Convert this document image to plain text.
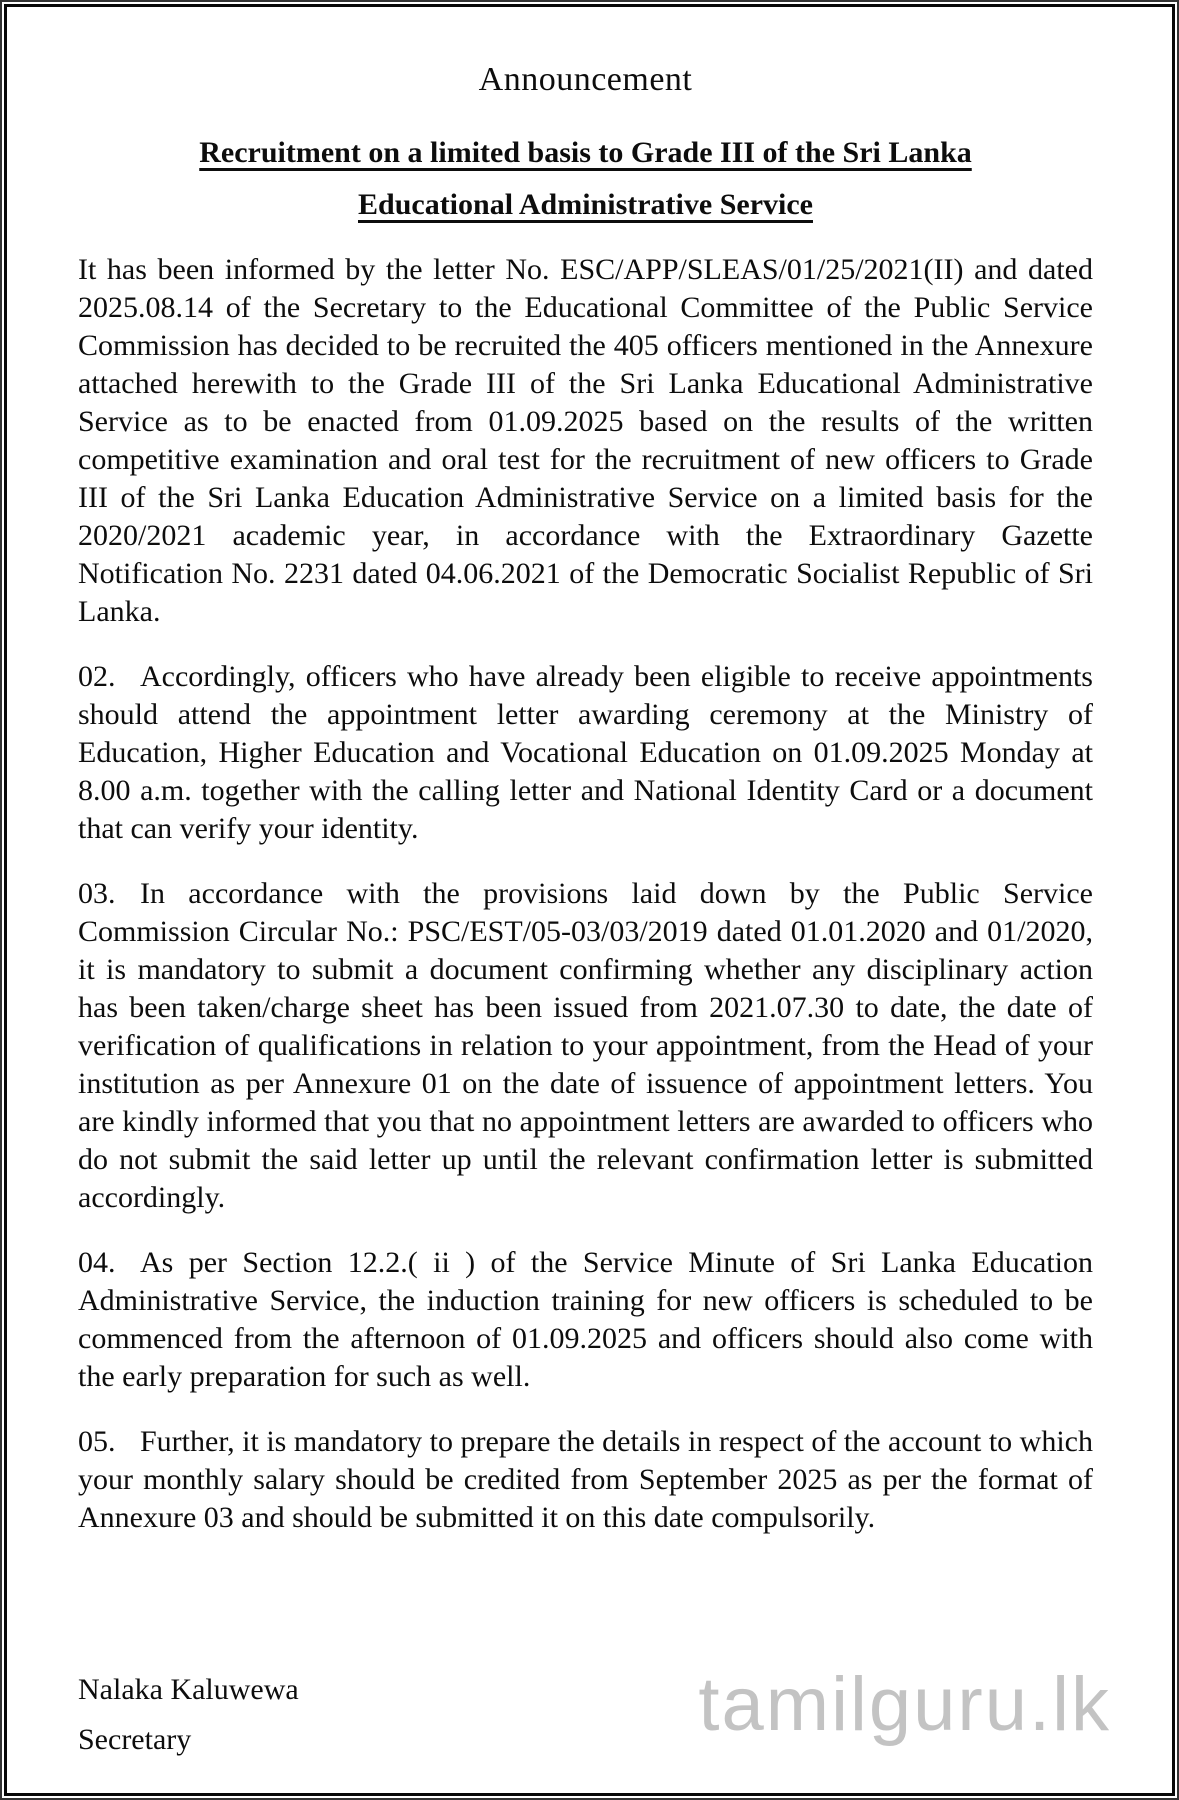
Announcement
Recruitment on a limited basis to Grade III of the Sri Lanka
Educational Administrative Service

It has been informed by the letter No. ESC/APP/SLEAS/01/25/2021(II) and dated 2025.08.14 of the Secretary to the Educational Committee of the Public Service Commission has decided to be recruited the 405 officers mentioned in the Annexure attached herewith to the Grade III of the Sri Lanka Educational Administrative Service as to be enacted from 01.09.2025 based on the results of the written competitive examination and oral test for the recruitment of new officers to Grade III of the Sri Lanka Education Administrative Service on a limited basis for the 2020/2021 academic year, in accordance with the Extraordinary Gazette Notification No. 2231 dated 04.06.2021 of the Democratic Socialist Republic of Sri Lanka.

02. Accordingly, officers who have already been eligible to receive appointments should attend the appointment letter awarding ceremony at the Ministry of Education, Higher Education and Vocational Education on 01.09.2025 Monday at 8.00 a.m. together with the calling letter and National Identity Card or a document that can verify your identity.

03. In accordance with the provisions laid down by the Public Service Commission Circular No.: PSC/EST/05-03/03/2019 dated 01.01.2020 and 01/2020, it is mandatory to submit a document confirming whether any disciplinary action has been taken/charge sheet has been issued from 2021.07.30 to date, the date of verification of qualifications in relation to your appointment, from the Head of your institution as per Annexure 01 on the date of issuence of appointment letters. You are kindly informed that you that no appointment letters are awarded to officers who do not submit the said letter up until the relevant confirmation letter is submitted accordingly.

04. As per Section 12.2.( ii ) of the Service Minute of Sri Lanka Education Administrative Service, the induction training for new officers is scheduled to be commenced from the afternoon of 01.09.2025 and officers should also come with the early preparation for such as well.

05. Further, it is mandatory to prepare the details in respect of the account to which your monthly salary should be credited from September 2025 as per the format of Annexure 03 and should be submitted it on this date compulsorily.

Nalaka Kaluwewa
Secretary	tamilguru.lk
